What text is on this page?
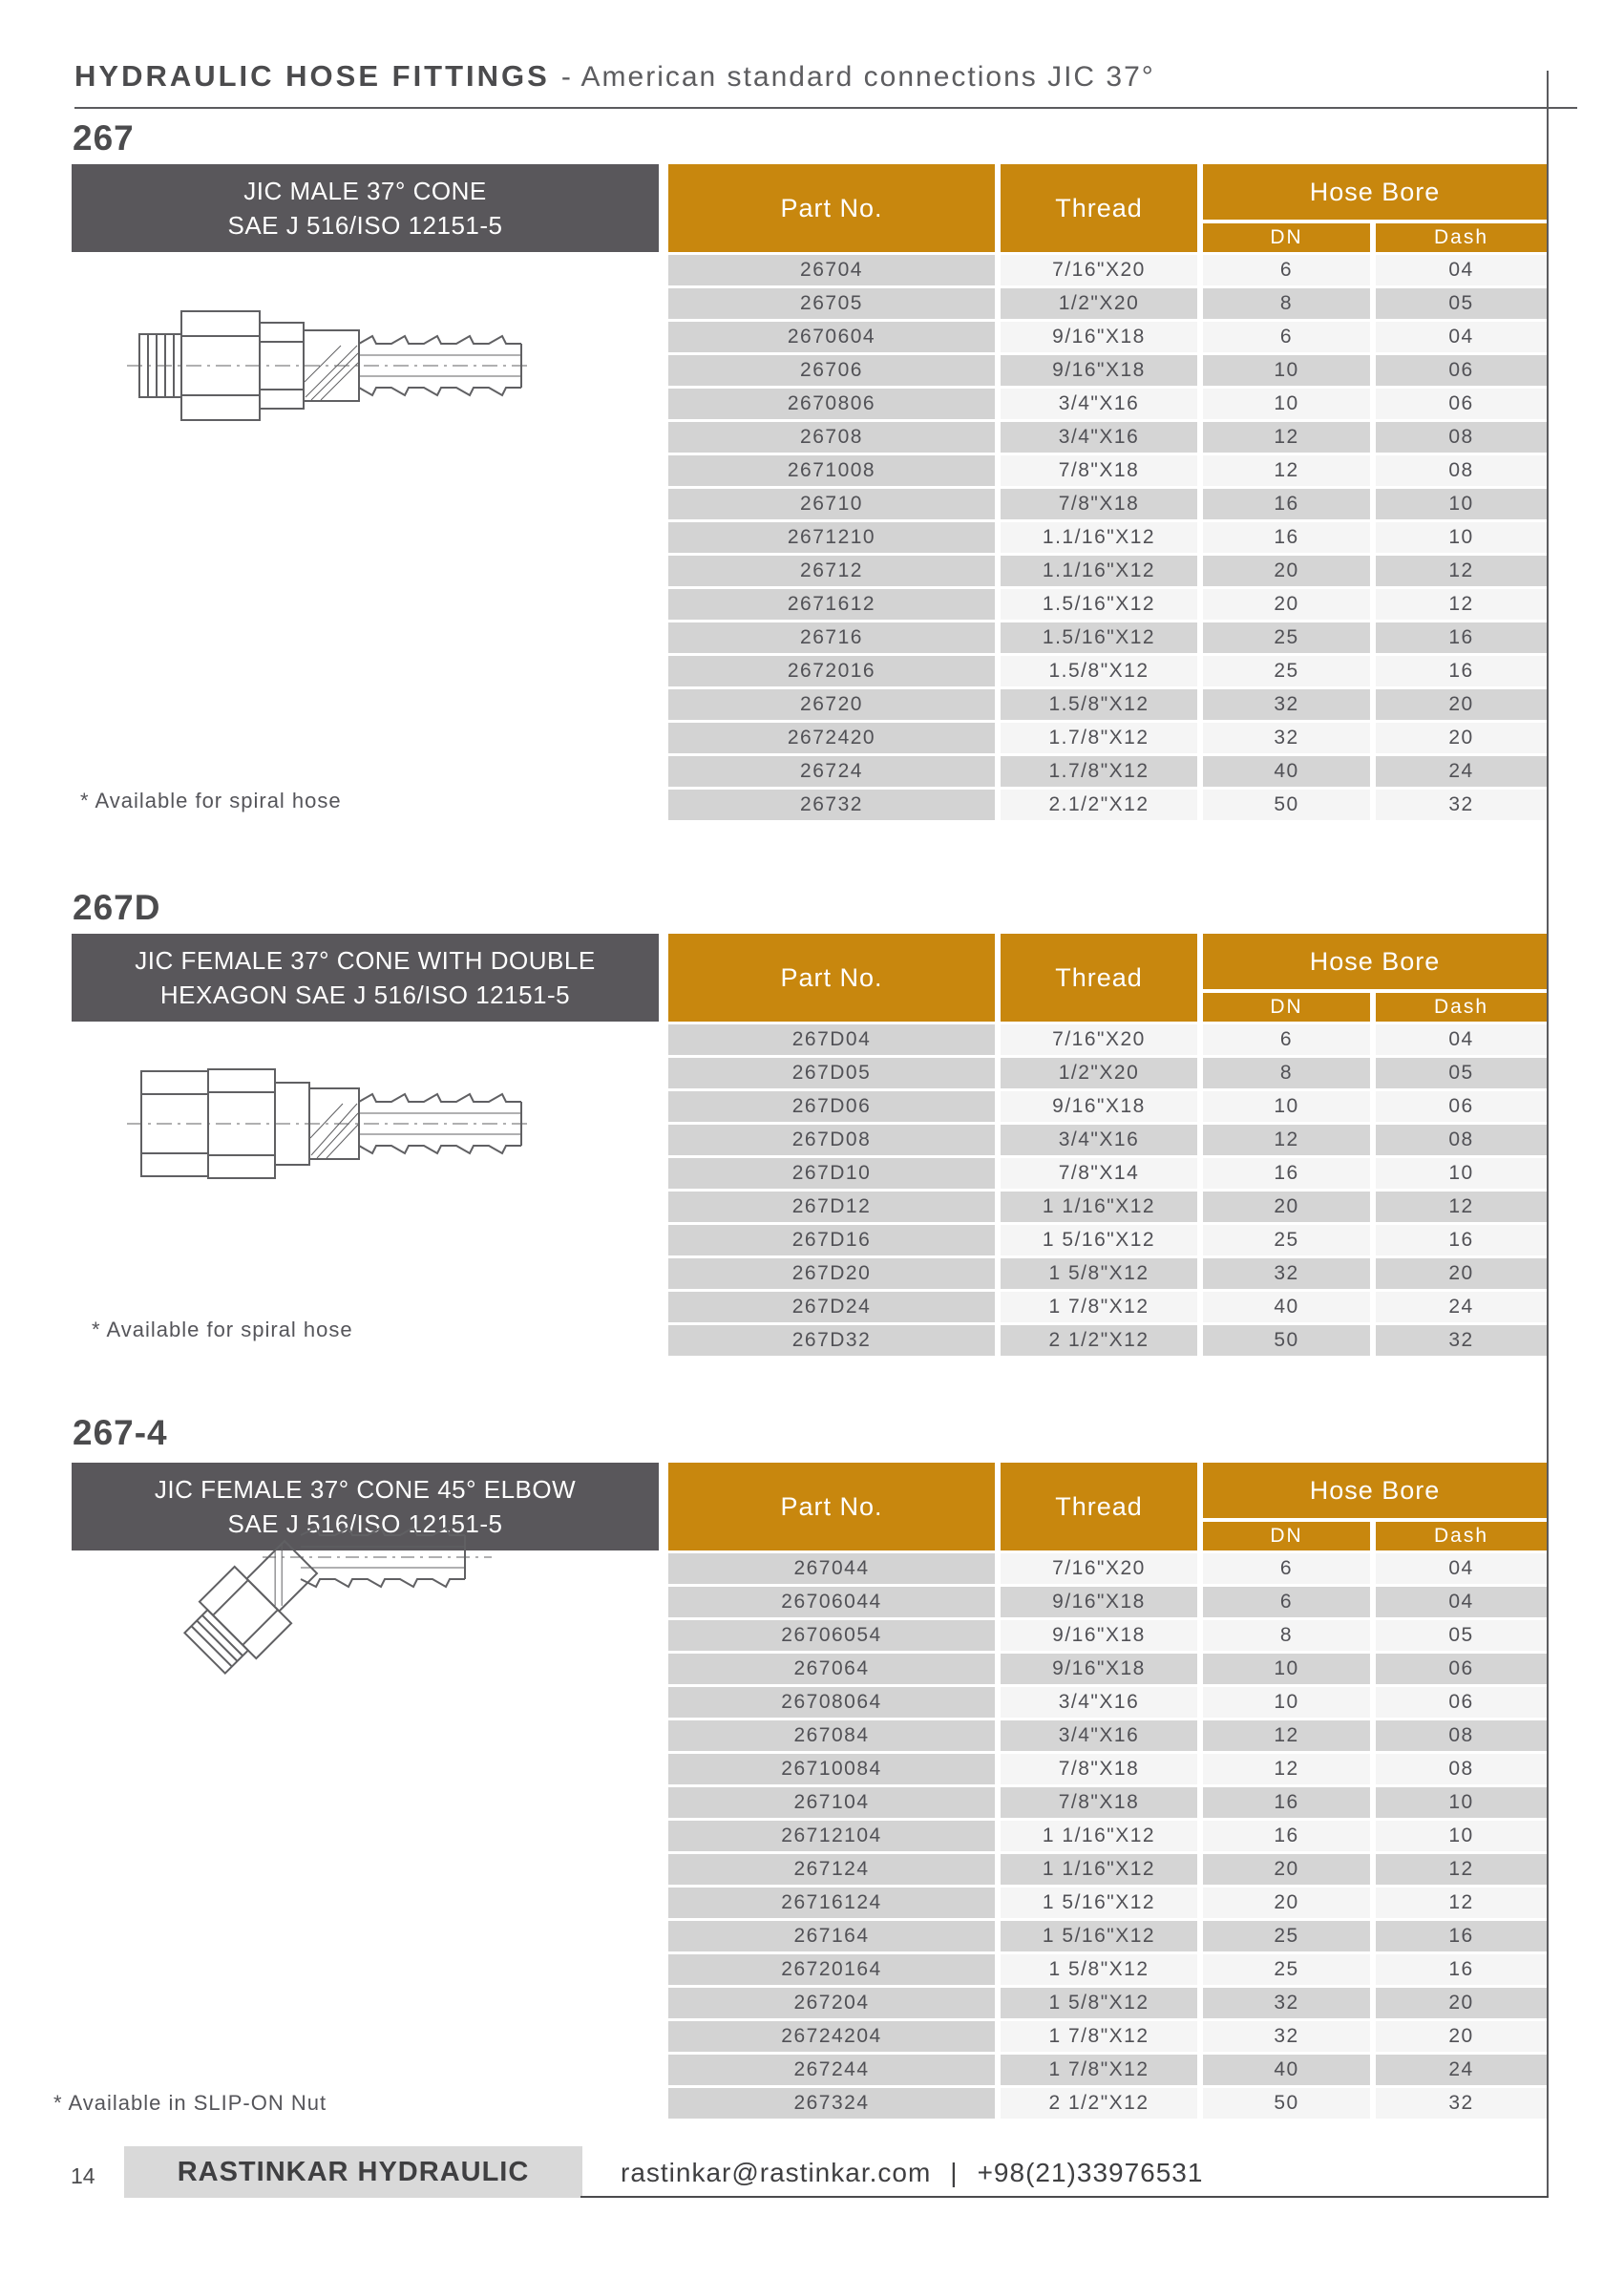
HYDRAULIC HOSE FITTINGS - American standard connections JIC 37°
267
JIC MALE 37° CONE
SAE J 516/ISO 12151-5
Part No.	Thread
Hose Bore
DN	Dash
26704	7/16"X20	6	04
26705	1/2"X20	8	05
2670604	9/16"X18	6	04
26706	9/16"X18	10	06
2670806	3/4"X16	10	06
26708	3/4"X16	12	08
2671008	7/8"X18	12	08
26710	7/8"X18	16	10
2671210	1.1/16"X12	16	10
26712	1.1/16"X12	20	12
2671612	1.5/16"X12	20	12
26716	1.5/16"X12	25	16
2672016	1.5/8"X12	25	16
26720	1.5/8"X12	32	20
2672420	1.7/8"X12	32	20
26724	1.7/8"X12	40	24
26732	2.1/2"X12	50	32
* Available for spiral hose
267D
JIC FEMALE 37° CONE WITH DOUBLE
HEXAGON SAE J 516/ISO 12151-5
Part No.	Thread
Hose Bore
DN	Dash
267D04	7/16"X20	6	04
267D05	1/2"X20	8	05
267D06	9/16"X18	10	06
267D08	3/4"X16	12	08
267D10	7/8"X14	16	10
267D12	1 1/16"X12	20	12
267D16	1 5/16"X12	25	16
267D20	1 5/8"X12	32	20
267D24	1 7/8"X12	40	24
267D32	2 1/2"X12	50	32
* Available for spiral hose
267-4
JIC FEMALE 37° CONE 45° ELBOW
SAE J 516/ISO 12151-5
Part No.	Thread
Hose Bore
DN	Dash
267044	7/16"X20	6	04
26706044	9/16"X18	6	04
26706054	9/16"X18	8	05
267064	9/16"X18	10	06
26708064	3/4"X16	10	06
267084	3/4"X16	12	08
26710084	7/8"X18	12	08
267104	7/8"X18	16	10
26712104	1 1/16"X12	16	10
267124	1 1/16"X12	20	12
26716124	1 5/16"X12	20	12
267164	1 5/16"X12	25	16
26720164	1 5/8"X12	25	16
267204	1 5/8"X12	32	20
26724204	1 7/8"X12	32	20
267244	1 7/8"X12	40	24
267324	2 1/2"X12	50	32
* Available in SLIP-ON Nut
14	RASTINKAR HYDRAULIC	rastinkar@rastinkar.com | +98(21)33976531
